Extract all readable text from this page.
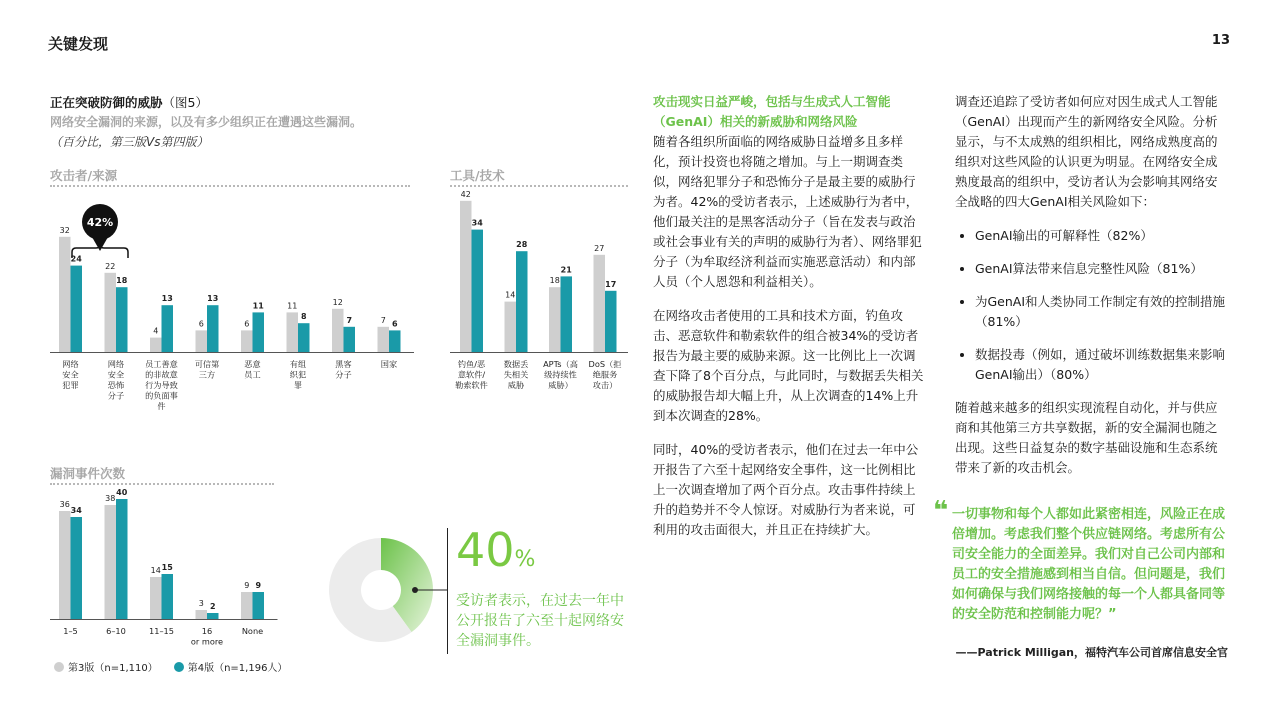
关键发现	13
正在突破防御的威胁（图5）
网络安全漏洞的来源，以及有多少组织正在遭遇这些漏洞。
（百分比，第三版Vs第四版）
攻击者/来源	工具/技术
漏洞事件次数
32
24
网络
安全
犯罪
22
18
网络
安全
恐怖
分子
4
13
员工善意
的非故意
行为导致
的负面事
件
6
13
可信第
三方
6
11
恶意
员工
11
8
有组
织犯
罪
12
7
黑客
分子
7 6
国家
42%
42
34
钓鱼/恶
意软件/
勒索软件
14
28
数据丢
失相关
威胁
18
21
APTs（高
级持续性
威胁）
27
17
DoS（拒
绝服务
攻击）
36
34
1–5
38
40
6–10
14 15
11–15
3 2
16
or more
9 9
None
第3版（n=1,110）	第4版（n=1,196人）
40%
受访者表示，在过去一年中公开报告了六至十起网络安全漏洞事件。

攻击现实日益严峻，包括与生成式人工智能（GenAI）相关的新威胁和网络风险

随着各组织所面临的网络威胁日益增多且多样化，预计投资也将随之增加。与上一期调查类似，网络犯罪分子和恐怖分子是最主要的威胁行为者。42%的受访者表示，上述威胁行为者中，他们最关注的是黑客活动分子（旨在发表与政治或社会事业有关的声明的威胁行为者）、网络罪犯分子（为牟取经济利益而实施恶意活动）和内部人员（个人恩怨和利益相关）。

在网络攻击者使用的工具和技术方面，钓鱼攻击、恶意软件和勒索软件的组合被34%的受访者报告为最主要的威胁来源。这一比例比上一次调查下降了8个百分点，与此同时，与数据丢失相关的威胁报告却大幅上升，从上次调查的14%上升到本次调查的28%。

同时，40%的受访者表示，他们在过去一年中公开报告了六至十起网络安全事件，这一比例相比上一次调查增加了两个百分点。攻击事件持续上升的趋势并不令人惊讶。对威胁行为者来说，可利用的攻击面很大，并且正在持续扩大。

调查还追踪了受访者如何应对因生成式人工智能（GenAI）出现而产生的新网络安全风险。分析显示，与不太成熟的组织相比，网络成熟度高的组织对这些风险的认识更为明显。在网络安全成熟度最高的组织中，受访者认为会影响其网络安全战略的四大GenAI相关风险如下：

• GenAI输出的可解释性（82%）
• GenAI算法带来信息完整性风险（81%）
• 为GenAI和人类协同工作制定有效的控制措施（81%）
• 数据投毒（例如，通过破坏训练数据集来影响GenAI输出）（80%）

随着越来越多的组织实现流程自动化，并与供应商和其他第三方共享数据，新的安全漏洞也随之出现。这些日益复杂的数字基础设施和生态系统带来了新的攻击机会。

❝ 一切事物和每个人都如此紧密相连，风险正在成倍增加。考虑我们整个供应链网络。考虑所有公司安全能力的全面差异。我们对自己公司内部和员工的安全措施感到相当自信。但问题是，我们如何确保与我们网络接触的每一个人都具备同等的安全防范和控制能力呢？”
——Patrick Milligan，福特汽车公司首席信息安全官
